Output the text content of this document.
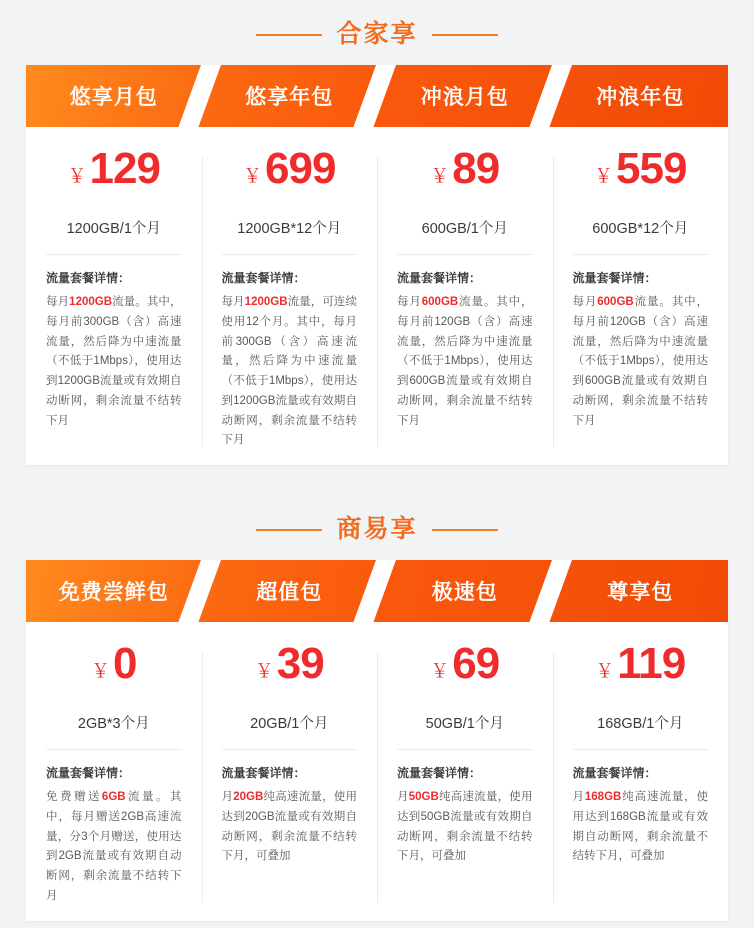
合家享
悠享月包
￥ 129
1200GB/1个月
流量套餐详情：
每月1200GB流量。其中，每月前300GB（含）高速流量，然后降为中速流量（不低于1Mbps），使用达到1200GB流量或有效期自动断网，剩余流量不结转下月
悠享年包
￥ 699
1200GB*12个月
流量套餐详情：
每月1200GB流量，可连续使用12个月。其中，每月前300GB（含）高速流量，然后降为中速流量（不低于1Mbps），使用达到1200GB流量或有效期自动断网，剩余流量不结转下月
冲浪月包
￥ 89
600GB/1个月
流量套餐详情：
每月600GB流量。其中，每月前120GB（含）高速流量，然后降为中速流量（不低于1Mbps），使用达到600GB流量或有效期自动断网，剩余流量不结转下月
冲浪年包
￥ 559
600GB*12个月
流量套餐详情：
每月600GB流量。其中，每月前120GB（含）高速流量，然后降为中速流量（不低于1Mbps），使用达到600GB流量或有效期自动断网，剩余流量不结转下月
商易享
免费尝鲜包
￥ 0
2GB*3个月
流量套餐详情：
免费赠送6GB流量。其中，每月赠送2GB高速流量，分3个月赠送，使用达到2GB流量或有效期自动断网，剩余流量不结转下月
超值包
￥ 39
20GB/1个月
流量套餐详情：
月20GB纯高速流量，使用达到20GB流量或有效期自动断网，剩余流量不结转下月，可叠加
极速包
￥ 69
50GB/1个月
流量套餐详情：
月50GB纯高速流量，使用达到50GB流量或有效期自动断网，剩余流量不结转下月，可叠加
尊享包
￥ 119
168GB/1个月
流量套餐详情：
月168GB纯高速流量，使用达到168GB流量或有效期自动断网，剩余流量不结转下月，可叠加
